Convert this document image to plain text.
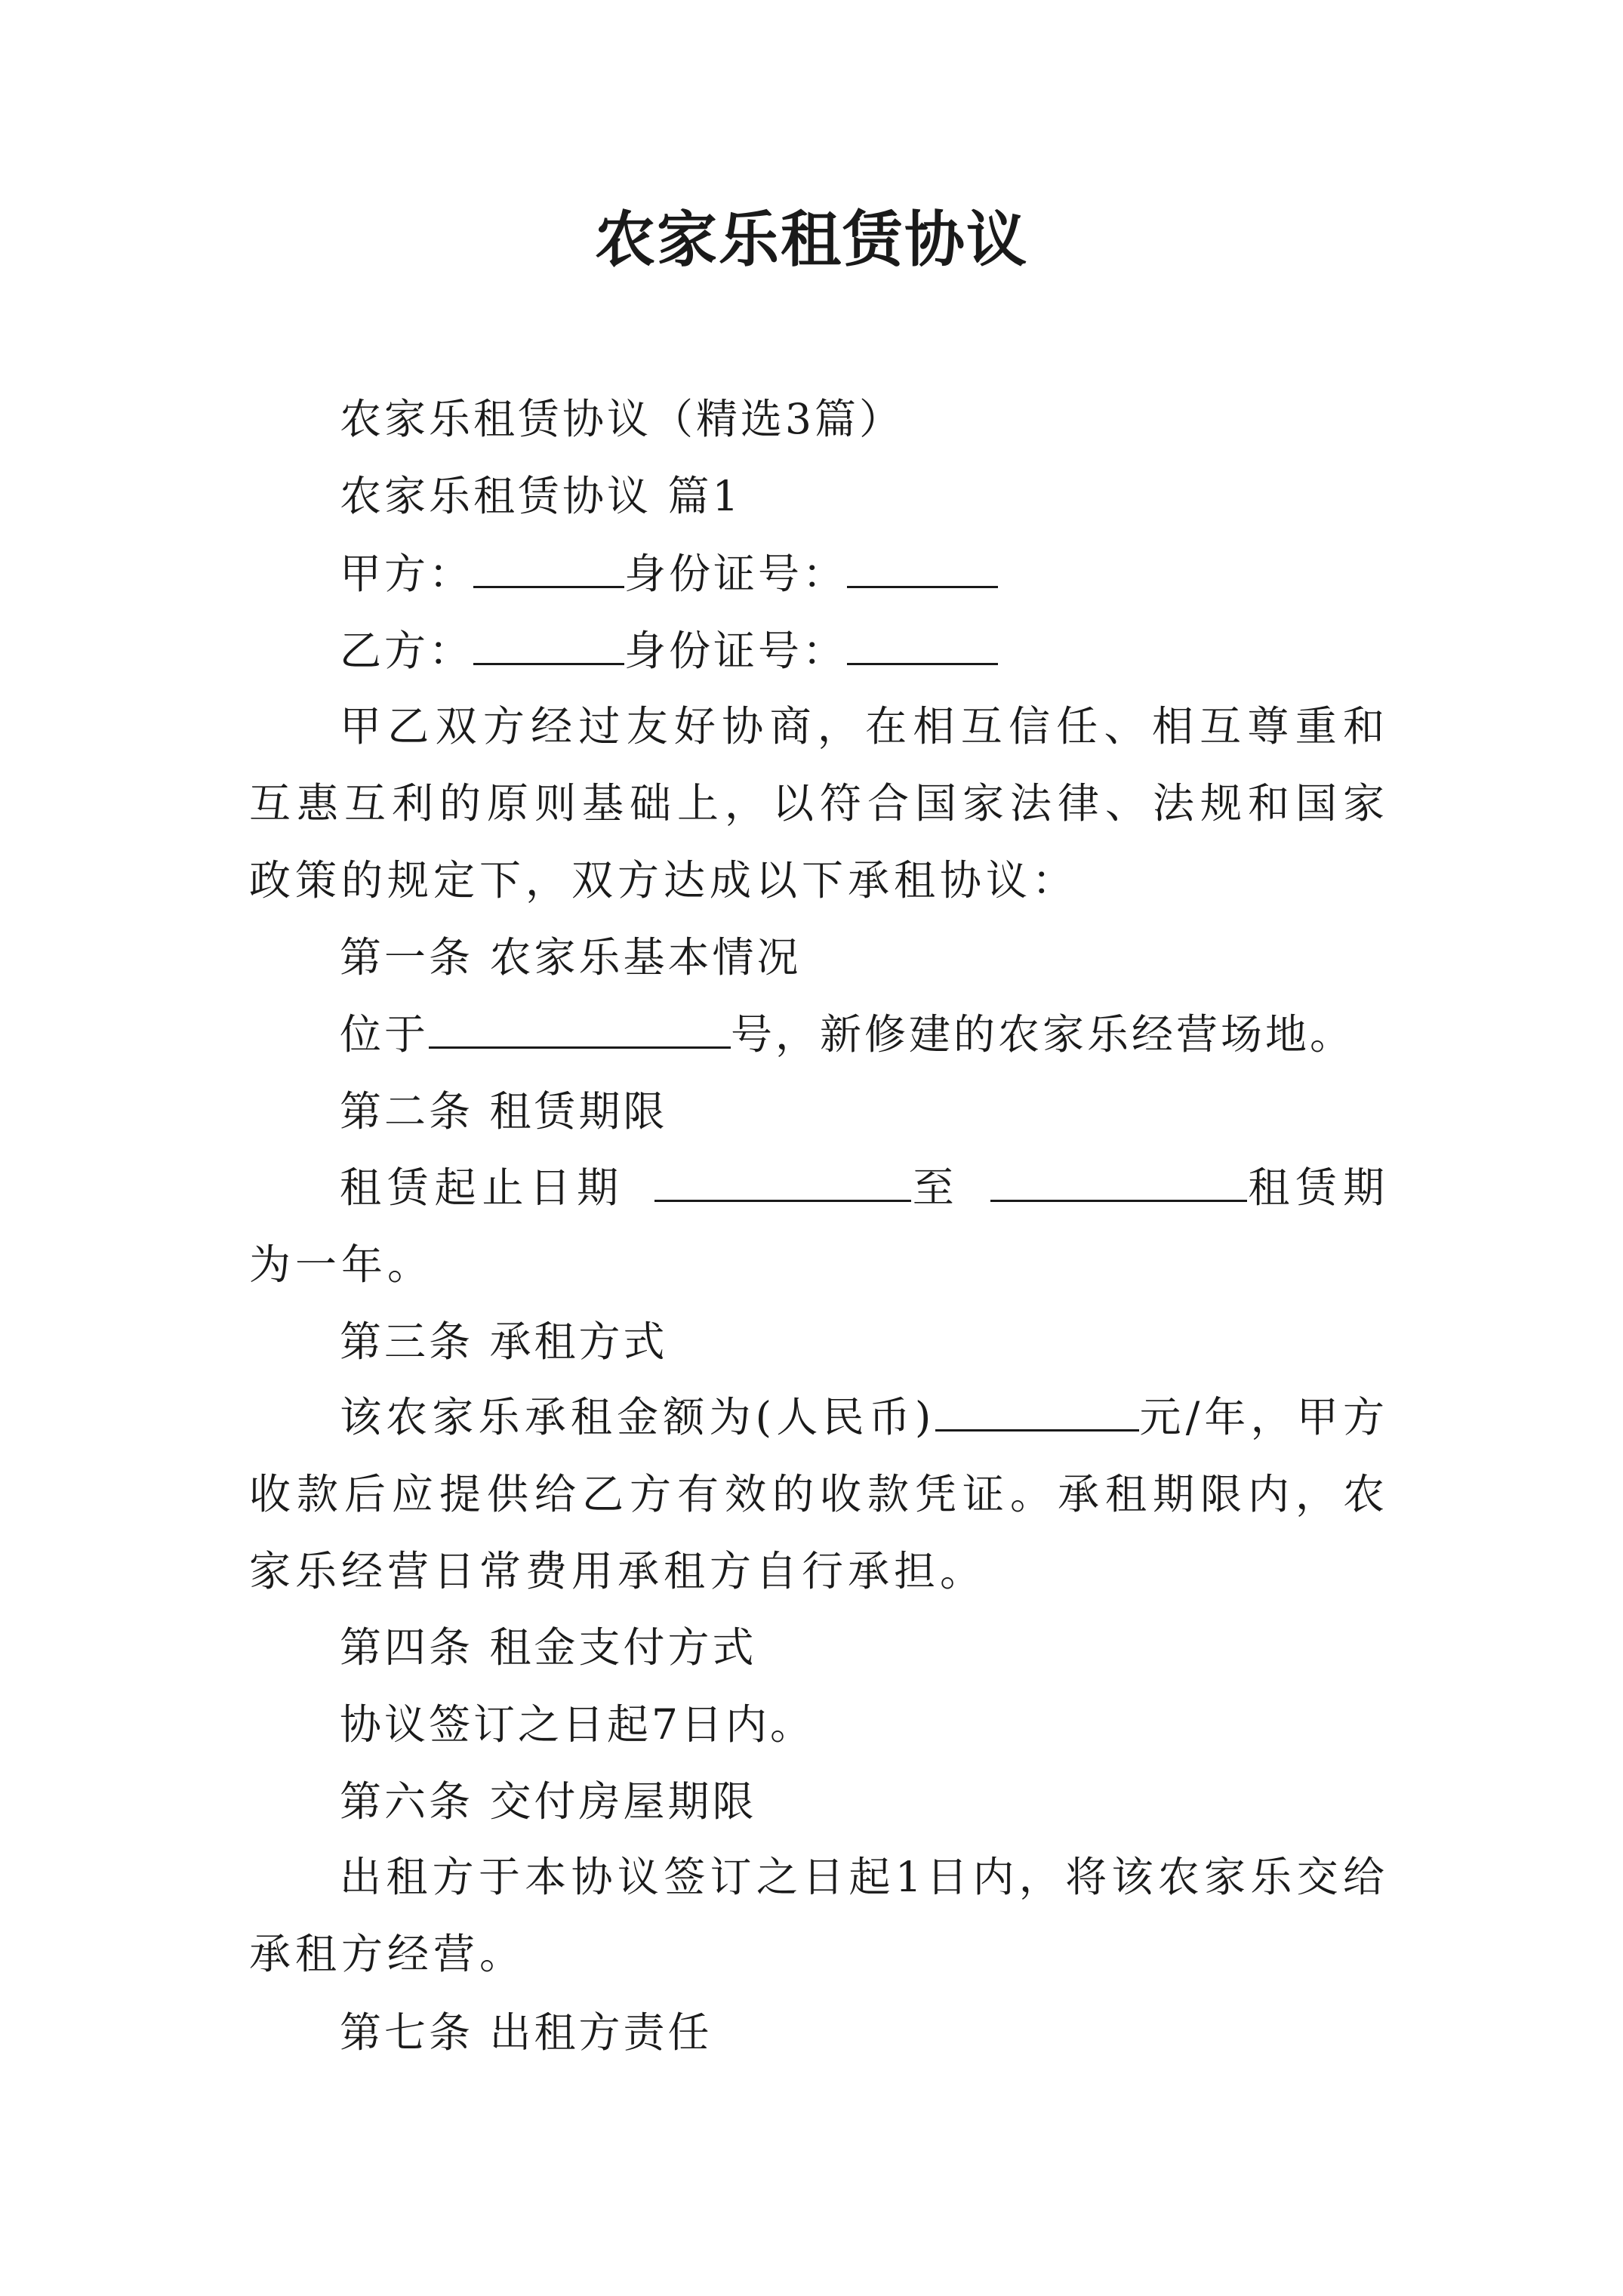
农家乐租赁协议
农家乐租赁协议（精选3篇）
农家乐租赁协议 篇1
甲方：	身份证号：
乙方：	身份证号：
甲乙双方经过友好协商，在相互信任、相互尊重和互惠互利的原则基础上，以符合国家法律、法规和国家政策的规定下，双方达成以下承租协议：
第一条 农家乐基本情况
位于	号，新修建的农家乐经营场地。
第二条 租赁期限
租赁起止日期	至	租赁期为一年。
第三条 承租方式
该农家乐承租金额为(人民币)	元/年，甲方收款后应提供给乙方有效的收款凭证。承租期限内，农家乐经营日常费用承租方自行承担。
第四条 租金支付方式
协议签订之日起7日内。
第六条 交付房屋期限
出租方于本协议签订之日起1日内，将该农家乐交给承租方经营。
第七条 出租方责任
